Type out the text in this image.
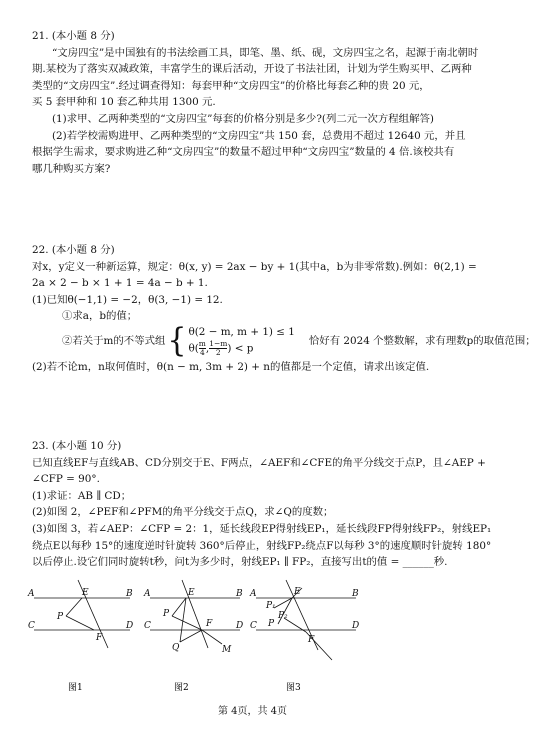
21. (本小题 8 分)
“文房四宝”是中国独有的书法绘画工具，即笔、墨、纸、砚，文房四宝之名，起源于南北朝时
期.某校为了落实双减政策，丰富学生的课后活动，开设了书法社团，计划为学生购买甲、乙两种
类型的“文房四宝”.经过调查得知：每套甲种“文房四宝”的价格比每套乙种的贵 20 元，
买 5 套甲种和 10 套乙种共用 1300 元.
(1)求甲、乙两种类型的“文房四宝”每套的价格分别是多少?(列二元一次方程组解答)
(2)若学校需购进甲、乙两种类型的“文房四宝”共 150 套，总费用不超过 12640 元，并且
根据学生需求，要求购进乙种“文房四宝”的数量不超过甲种“文房四宝”数量的 4 倍.该校共有
哪几种购买方案?
22. (本小题 8 分)
对x，y定义一种新运算，规定：θ(x, y) = 2ax − by + 1(其中a，b为非零常数).例如：θ(2,1) =
2a × 2 − b × 1 + 1 = 4a − b + 1.
(1)已知θ(−1,1) = −2，θ(3, −1) = 12.
①求a，b的值；
②若关于m的不等式组 { θ(2 − m, m + 1) ≤ 1
$\theta( \frac{m}{4}$ , $\frac{1-m}{2}$ ) < p
恰好有 2024 个整数解，求有理数p的取值范围；
(2)若不论m，n取何值时，θ(n − m, 3m + 2) + n的值都是一个定值，请求出该定值.
23. (本小题 10 分)
已知直线EF与直线AB、CD分别交于E、F两点，∠AEF和∠CFE的角平分线交于点P，且∠AEP +
∠CFP = 90°.
(1)求证：AB ∥ CD；
(2)如图 2，∠PEF和∠PFM的角平分线交于点Q，求∠Q的度数；
(3)如图 3，若∠AEP：∠CFP = 2：1，延长线段EP得射线EP₁，延长线段FP得射线FP₂，射线EP₁
绕点E以每秒 15°的速度逆时针旋转 360°后停止，射线FP₂绕点F以每秒 3°的速度顺时针旋转 180°
以后停止.设它们同时旋转t秒，问t为多少时，射线EP₁ ∥ FP₂，直接写出t的值 = ______秒.
A	B
C	D
E
F
P
A	B
C	D
E
F
P
Q	M
A	B
C	D
E
F
P
P₁
P₂
图1	图2	图3
第 4页，共 4页
